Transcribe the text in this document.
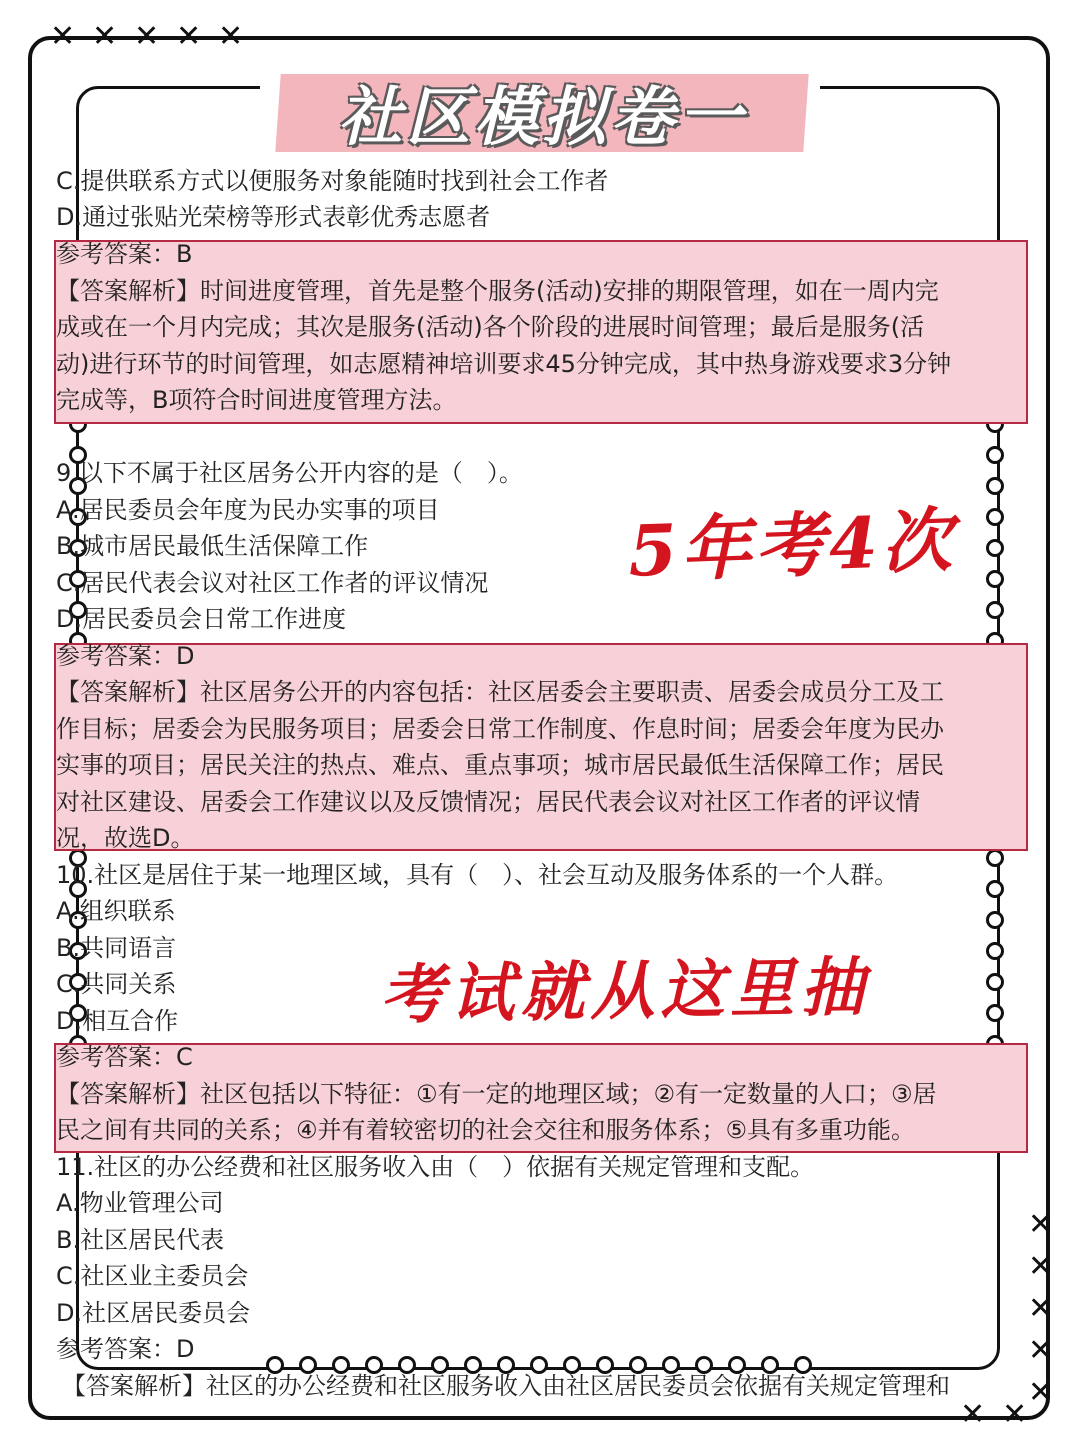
✕ ✕ ✕ ✕ ✕
✕
✕
✕
✕
✕
✕ ✕
社区模拟卷一
C.提供联系方式以便服务对象能随时找到社会工作者
D.通过张贴光荣榜等形式表彰优秀志愿者
参考答案：B
【答案解析】时间进度管理，首先是整个服务(活动)安排的期限管理，如在一周内完
成或在一个月内完成；其次是服务(活动)各个阶段的进展时间管理；最后是服务(活
动)进行环节的时间管理，如志愿精神培训要求45分钟完成，其中热身游戏要求3分钟
完成等，B项符合时间进度管理方法。
9.以下不属于社区居务公开内容的是（　）。
A.居民委员会年度为民办实事的项目
B.城市居民最低生活保障工作
C.居民代表会议对社区工作者的评议情况
D.居民委员会日常工作进度
参考答案：D
【答案解析】社区居务公开的内容包括：社区居委会主要职责、居委会成员分工及工
作目标；居委会为民服务项目；居委会日常工作制度、作息时间；居委会年度为民办
实事的项目；居民关注的热点、难点、重点事项；城市居民最低生活保障工作；居民
对社区建设、居委会工作建议以及反馈情况；居民代表会议对社区工作者的评议情
况，故选D。
10.社区是居住于某一地理区域，具有（　）、社会互动及服务体系的一个人群。
A.组织联系
B.共同语言
C.共同关系
D.相互合作
参考答案：C
【答案解析】社区包括以下特征：①有一定的地理区域；②有一定数量的人口；③居
民之间有共同的关系；④并有着较密切的社会交往和服务体系；⑤具有多重功能。
11.社区的办公经费和社区服务收入由（　）依据有关规定管理和支配。
A.物业管理公司
B.社区居民代表
C.社区业主委员会
D.社区居民委员会
参考答案：D
【答案解析】社区的办公经费和社区服务收入由社区居民委员会依据有关规定管理和
5年考4次
考试就从这里抽
